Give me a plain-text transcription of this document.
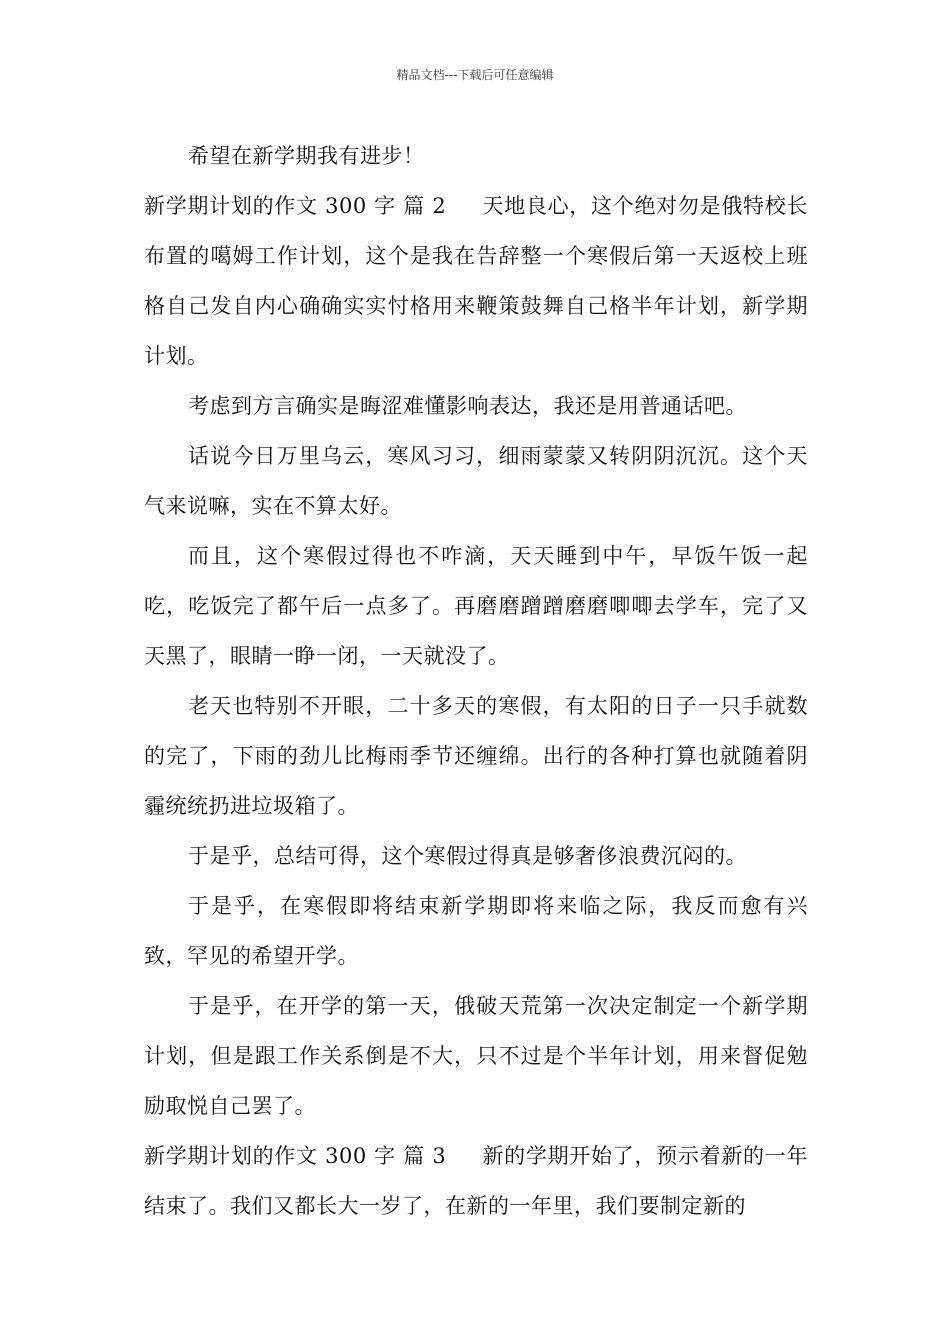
精品文档---下载后可任意编辑

希望在新学期我有进步！

新学期计划的作文 300 字 篇 2 天地良心，这个绝对勿是俄特校长布置的噶姆工作计划，这个是我在告辞整一个寒假后第一天返校上班格自己发自内心确确实实忖格用来鞭策鼓舞自己格半年计划，新学期计划。

考虑到方言确实是晦涩难懂影响表达，我还是用普通话吧。

话说今日万里乌云，寒风习习，细雨蒙蒙又转阴阴沉沉。这个天气来说嘛，实在不算太好。

而且，这个寒假过得也不咋滴，天天睡到中午，早饭午饭一起吃，吃饭完了都午后一点多了。再磨磨蹭蹭磨磨唧唧去学车，完了又天黑了，眼睛一睁一闭，一天就没了。

老天也特别不开眼，二十多天的寒假，有太阳的日子一只手就数的完了，下雨的劲儿比梅雨季节还缠绵。出行的各种打算也就随着阴霾统统扔进垃圾箱了。

于是乎，总结可得，这个寒假过得真是够奢侈浪费沉闷的。

于是乎，在寒假即将结束新学期即将来临之际，我反而愈有兴致，罕见的希望开学。

于是乎，在开学的第一天，俄破天荒第一次决定制定一个新学期计划，但是跟工作关系倒是不大，只不过是个半年计划，用来督促勉励取悦自己罢了。

新学期计划的作文 300 字 篇 3 新的学期开始了，预示着新的一年结束了。我们又都长大一岁了，在新的一年里，我们要制定新的
